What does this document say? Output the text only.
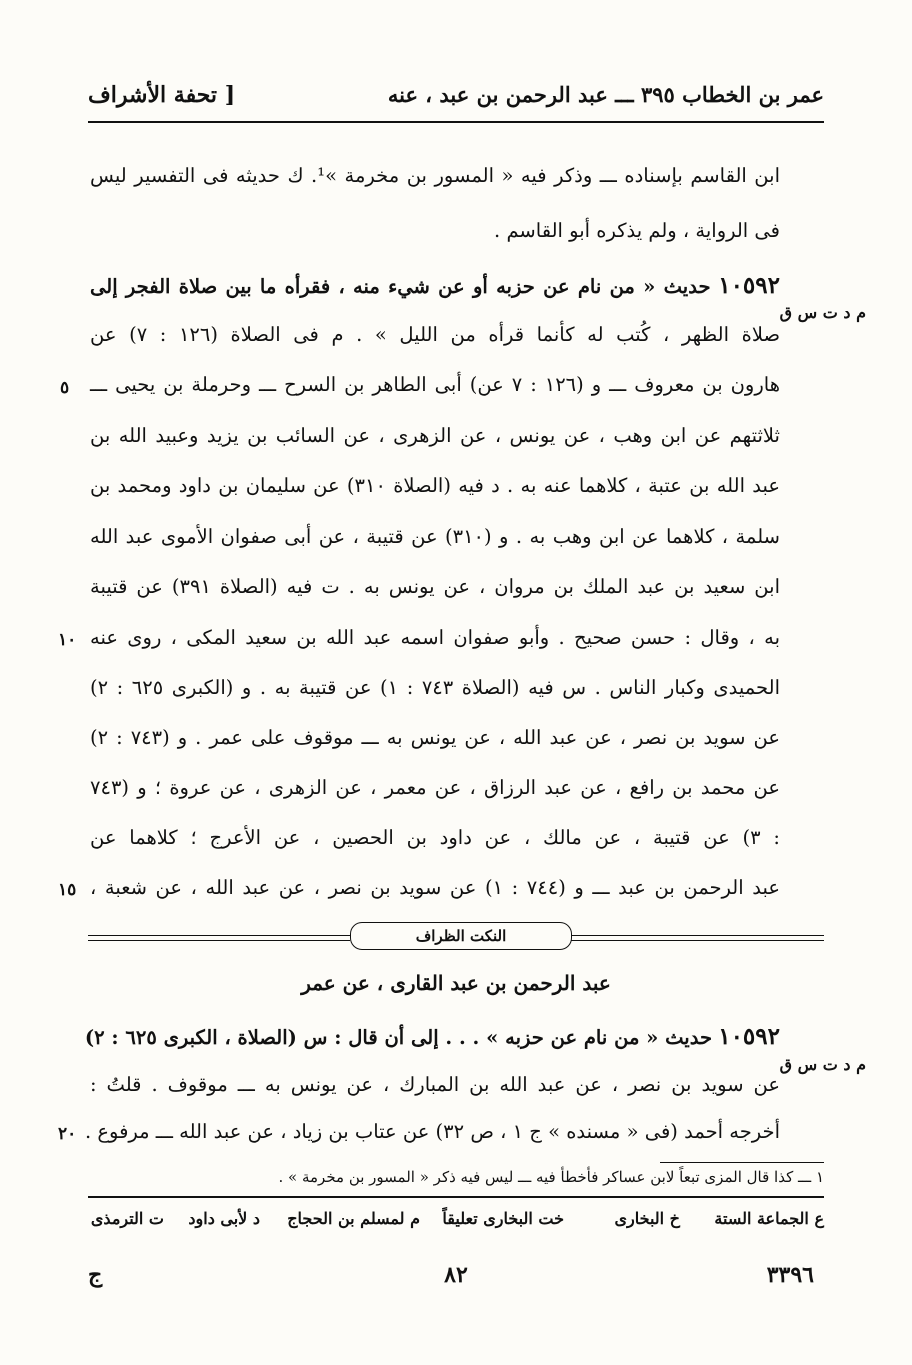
عمر بن الخطاب ٣٩٥ ـــ عبد الرحمن بن عبد ، عنه
[ تحفة الأشراف
ابن القاسم بإسناده ـــ وذكر فيه « المسور بن مخرمة »¹. ك حديثه فى التفسير ليس
فى الرواية ، ولم يذكره أبو القاسم .
١٠٥٩٢ حديث « من نام عن حزبه أو عن شيء منه ، فقرأه ما بين صلاة الفجر إلى
م د ت س ق
صلاة الظهر ، كُتب له كأنما قرأه من الليل » . م فى الصلاة (١٢٦ : ٧) عن
هارون بن معروف ـــ و (١٢٦ : ٧ عن) أبى الطاهر بن السرح ـــ وحرملة بن يحيى ـــ
ثلاثتهم عن ابن وهب ، عن يونس ، عن الزهرى ، عن السائب بن يزيد وعبيد الله بن
عبد الله بن عتبة ، كلاهما عنه به . د فيه (الصلاة ٣١٠) عن سليمان بن داود ومحمد بن
سلمة ، كلاهما عن ابن وهب به . و (٣١٠) عن قتيبة ، عن أبى صفوان الأموى عبد الله
ابن سعيد بن عبد الملك بن مروان ، عن يونس به . ت فيه (الصلاة ٣٩١) عن قتيبة
به ، وقال : حسن صحيح . وأبو صفوان اسمه عبد الله بن سعيد المكى ، روى عنه
الحميدى وكبار الناس . س فيه (الصلاة ٧٤٣ : ١) عن قتيبة به . و (الكبرى ٦٢٥ : ٢)
عن سويد بن نصر ، عن عبد الله ، عن يونس به ـــ موقوف على عمر . و (٧٤٣ : ٢)
عن محمد بن رافع ، عن عبد الرزاق ، عن معمر ، عن الزهرى ، عن عروة ؛ و (٧٤٣
: ٣) عن قتيبة ، عن مالك ، عن داود بن الحصين ، عن الأعرج ؛ كلاهما عن
عبد الرحمن بن عبد ـــ و (٧٤٤ : ١) عن سويد بن نصر ، عن عبد الله ، عن شعبة ،
٥
١٠
١٥
النكت الظراف
عبد الرحمن بن عبد القارى ، عن عمر
١٠٥٩٢ حديث « من نام عن حزبه » . . . إلى أن قال : س (الصلاة ، الكبرى ٦٢٥ : ٢)
م د ت س ق
عن سويد بن نصر ، عن عبد الله بن المبارك ، عن يونس به ـــ موقوف . قلتُ :
أخرجه أحمد (فى « مسنده » ج ١ ، ص ٣٢) عن عتاب بن زياد ، عن عبد الله ـــ مرفوع .
٢٠
١ ـــ كذا قال المزى تبعاً لابن عساكر فأخطأ فيه ـــ ليس فيه ذكر « المسور بن مخرمة » .
ع الجماعة الستة
خ البخارى
خت البخارى تعليقاً
م لمسلم بن الحجاج
د لأبى داود
ت الترمذى
٣٣٩٦
٨٢
ج
